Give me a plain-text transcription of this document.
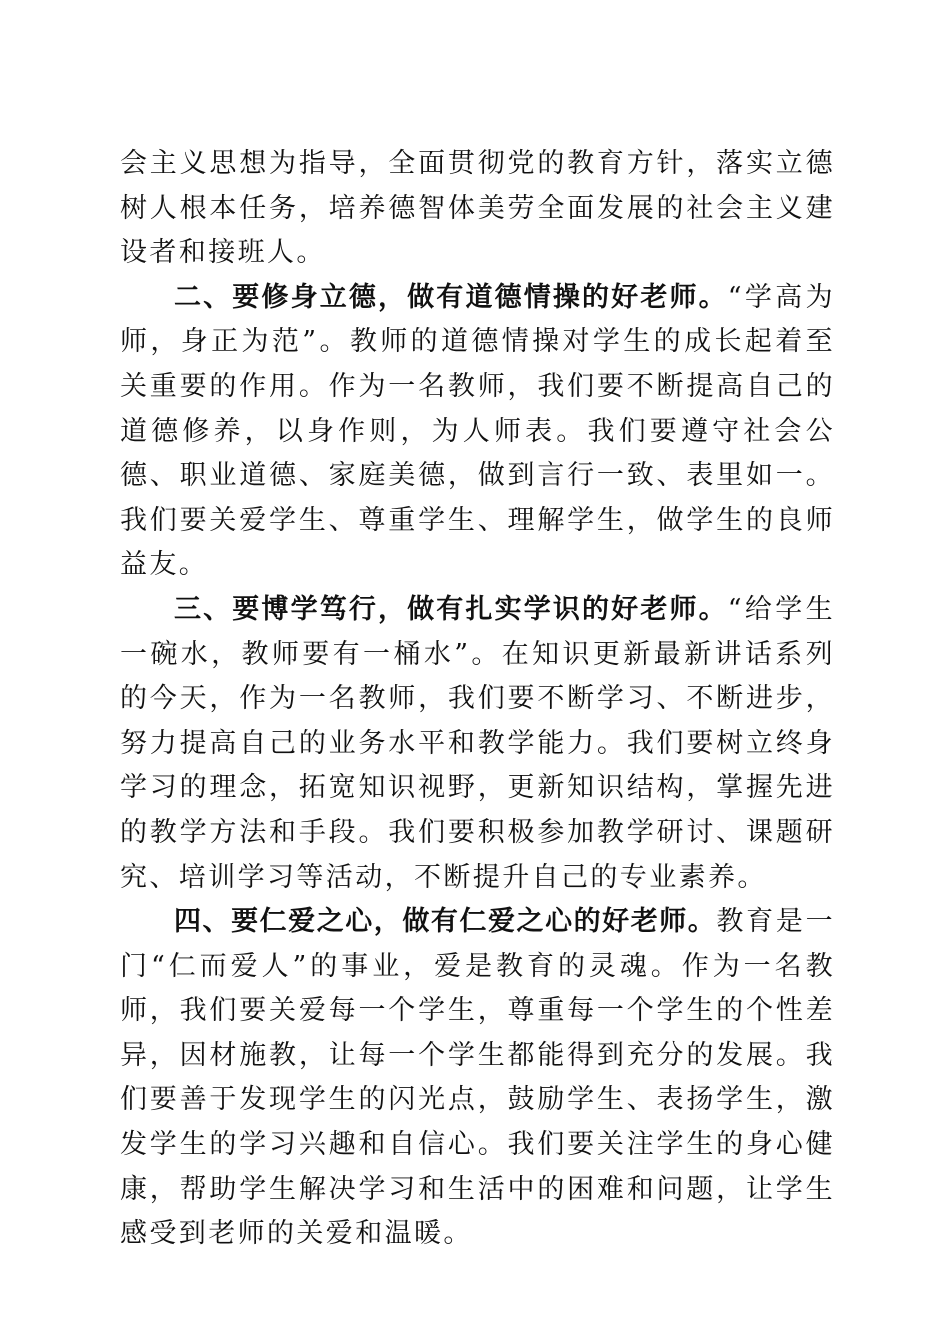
会主义思想为指导，全面贯彻党的教育方针，落实立德树人根本任务，培养德智体美劳全面发展的社会主义建设者和接班人。

二、要修身立德，做有道德情操的好老师。“学高为师，身正为范”。教师的道德情操对学生的成长起着至关重要的作用。作为一名教师，我们要不断提高自己的道德修养，以身作则，为人师表。我们要遵守社会公德、职业道德、家庭美德，做到言行一致、表里如一。我们要关爱学生、尊重学生、理解学生，做学生的良师益友。

三、要博学笃行，做有扎实学识的好老师。“给学生一碗水，教师要有一桶水”。在知识更新最新讲话系列的今天，作为一名教师，我们要不断学习、不断进步，努力提高自己的业务水平和教学能力。我们要树立终身学习的理念，拓宽知识视野，更新知识结构，掌握先进的教学方法和手段。我们要积极参加教学研讨、课题研究、培训学习等活动，不断提升自己的专业素养。

四、要仁爱之心，做有仁爱之心的好老师。教育是一门“仁而爱人”的事业，爱是教育的灵魂。作为一名教师，我们要关爱每一个学生，尊重每一个学生的个性差异，因材施教，让每一个学生都能得到充分的发展。我们要善于发现学生的闪光点，鼓励学生、表扬学生，激发学生的学习兴趣和自信心。我们要关注学生的身心健康，帮助学生解决学习和生活中的困难和问题，让学生感受到老师的关爱和温暖。
